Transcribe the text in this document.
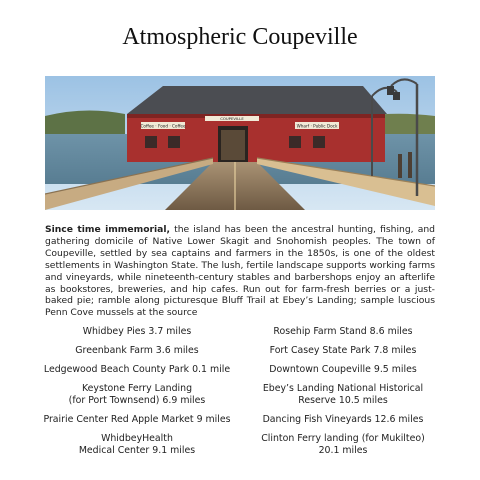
Atmospheric Coupeville
Coffee · Food · Coffee
COUPEVILLE
Wharf · Public Dock
Since time immemorial, the island has been the ancestral hunting, fishing, and gathering domicile of Native Lower Skagit and Snohomish peoples. The town of Coupeville, settled by sea captains and farmers in the 1850s, is one of the oldest settlements in Washington State. The lush, fertile landscape supports working farms and vineyards, while nineteenth-century stables and barbershops enjoy an afterlife as bookstores, breweries, and hip cafes. Run out for farm-fresh berries or a just-baked pie; ramble along picturesque Bluff Trail at Ebey’s Landing; sample luscious Penn Cove mussels at the source
Whidbey Pies 3.7 miles
Greenbank Farm 3.6 miles
Ledgewood Beach County Park 0.1 mile
Keystone Ferry Landing
(for Port Townsend) 6.9 miles
Prairie Center Red Apple Market 9 miles
WhidbeyHealth
Medical Center 9.1 miles
Rosehip Farm Stand 8.6 miles
Fort Casey State Park 7.8 miles
Downtown Coupeville 9.5 miles
Ebey’s Landing National Historical
Reserve 10.5 miles
Dancing Fish Vineyards 12.6 miles
Clinton Ferry landing (for Mukilteo)
20.1 miles
